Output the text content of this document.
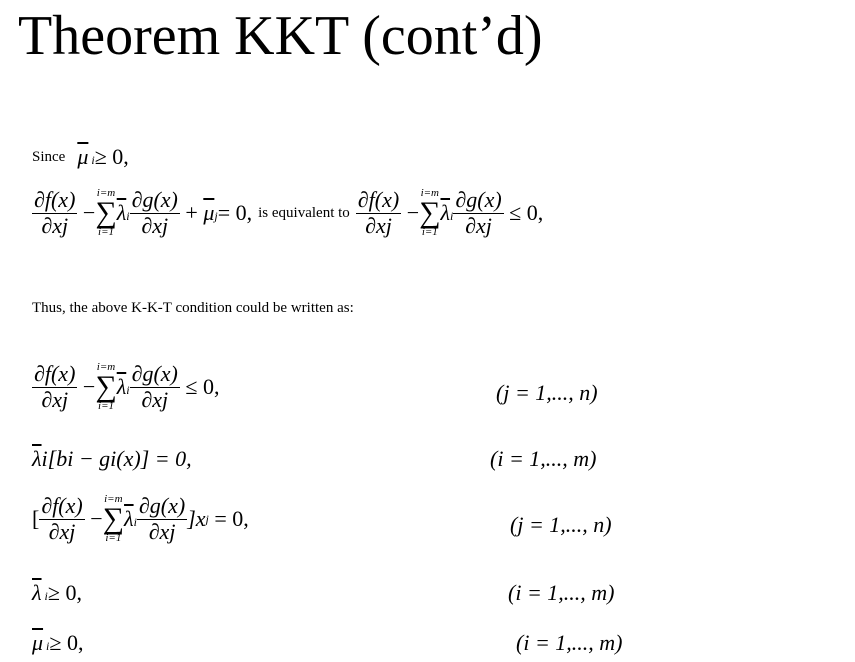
Theorem KKT (cont’d)
Since $\overline{\mu}$ i ≥ 0,
$\frac{\partial f(x)}{\partial xj}$
−
i=m
∑
i=1
$\overline{\lambda}i \frac{\partial g(x)}{\partial xj}$
+ $\overline{\mu}j = 0$, is equivalent to $\frac{\partial f(x)}{\partial xj}$
−
i=m
∑
i=1
$\overline{\lambda}i \frac{\partial g(x)}{\partial xj}$
≤ 0,
Thus, the above K-K-T condition could be written as:
$\frac{\partial f(x)}{\partial xj}$
−
i=m
∑
i=1
$\overline{\lambda}i \frac{\partial g(x)}{\partial xj}$
≤ 0,	(j = 1,..., n)
$\overline{\lambda}i$ [bi − gi(x)] = 0,	(i = 1,..., m)
[ $\frac{\partial f(x)}{\partial xj}$
−
i=m
∑
i=1
$\overline{\lambda}i \frac{\partial g(x)}{\partial xj} ]x$ j
= 0,	(j = 1,..., n)
$\overline{\lambda}$ i ≥ 0,	(i = 1,..., m)
$\overline{\mu}$ i ≥ 0,	(i = 1,..., m)
